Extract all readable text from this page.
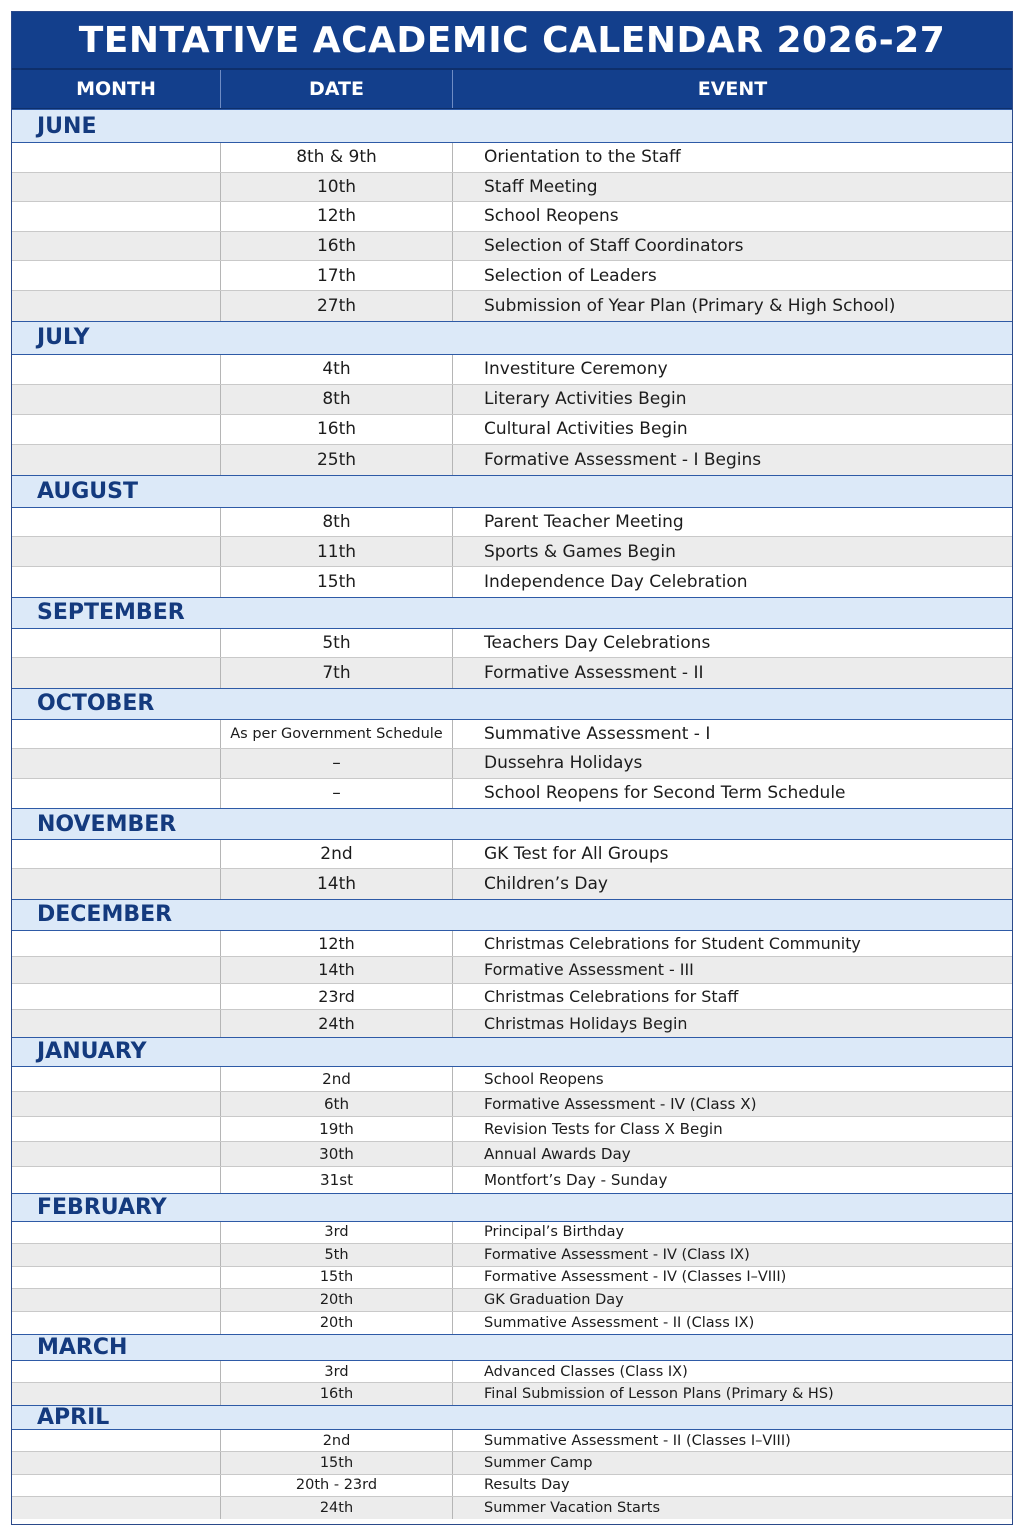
TENTATIVE ACADEMIC CALENDAR 2026-27
MONTH	DATE	EVENT
JUNE
8th & 9th	Orientation to the Staff
10th	Staff Meeting
12th	School Reopens
16th	Selection of Staff Coordinators
17th	Selection of Leaders
27th	Submission of Year Plan (Primary & High School)
JULY
4th	Investiture Ceremony
8th	Literary Activities Begin
16th	Cultural Activities Begin
25th	Formative Assessment - I Begins
AUGUST
8th	Parent Teacher Meeting
11th	Sports & Games Begin
15th	Independence Day Celebration
SEPTEMBER
5th	Teachers Day Celebrations
7th	Formative Assessment - II
OCTOBER
As per Government Schedule	Summative Assessment - I
–	Dussehra Holidays
–	School Reopens for Second Term Schedule
NOVEMBER
2nd	GK Test for All Groups
14th	Children’s Day
DECEMBER
12th	Christmas Celebrations for Student Community
14th	Formative Assessment - III
23rd	Christmas Celebrations for Staff
24th	Christmas Holidays Begin
JANUARY
2nd	School Reopens
6th	Formative Assessment - IV (Class X)
19th	Revision Tests for Class X Begin
30th	Annual Awards Day
31st	Montfort’s Day - Sunday
FEBRUARY
3rd	Principal’s Birthday
5th	Formative Assessment - IV (Class IX)
15th	Formative Assessment - IV (Classes I–VIII)
20th	GK Graduation Day
20th	Summative Assessment - II (Class IX)
MARCH
3rd	Advanced Classes (Class IX)
16th	Final Submission of Lesson Plans (Primary & HS)
APRIL
2nd	Summative Assessment - II (Classes I–VIII)
15th	Summer Camp
20th - 23rd	Results Day
24th	Summer Vacation Starts
